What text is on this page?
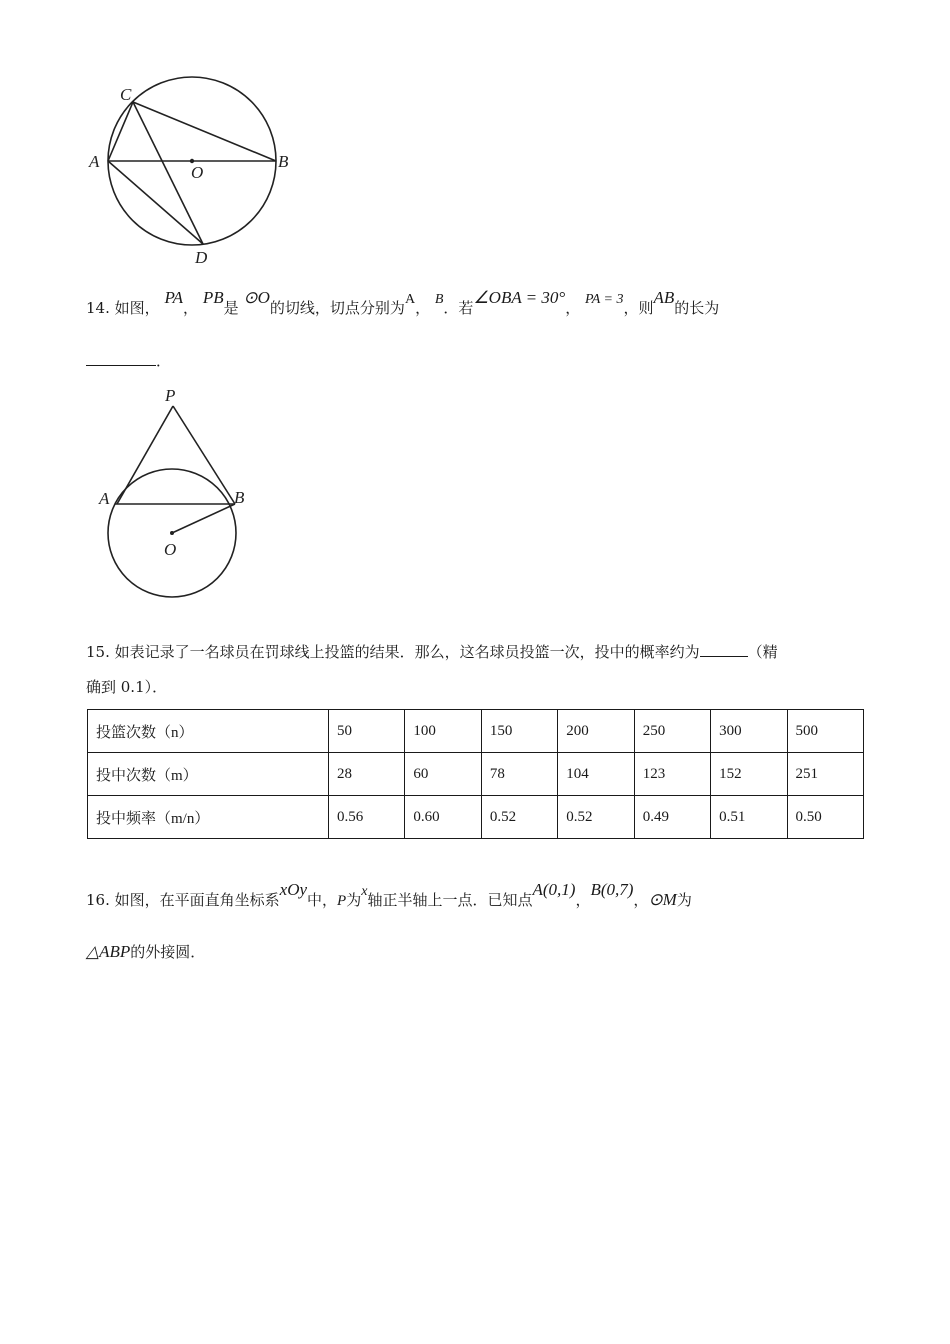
C
A
O
B
D
14. 如图， PA， PB是 ⊙O的切线，切点分别为A， B．若∠OBA = 30°， PA = 3，则AB的长为
．
P
A	B
O
15. 如表记录了一名球员在罚球线上投篮的结果．那么，这名球员投篮一次，投中的概率约为	（精
确到 0.1）．
投篮次数（n）	50	100	150	200	250	300	500
投中次数（m）	28	60	78	104	123	152	251
投中频率（m/n）	0.56	0.60	0.52	0.52	0.49	0.51	0.50
16. 如图，在平面直角坐标系xOy中，P为x轴正半轴上一点．已知点A(0,1)，B(0,7)，⊙M为
△ABP的外接圆．
